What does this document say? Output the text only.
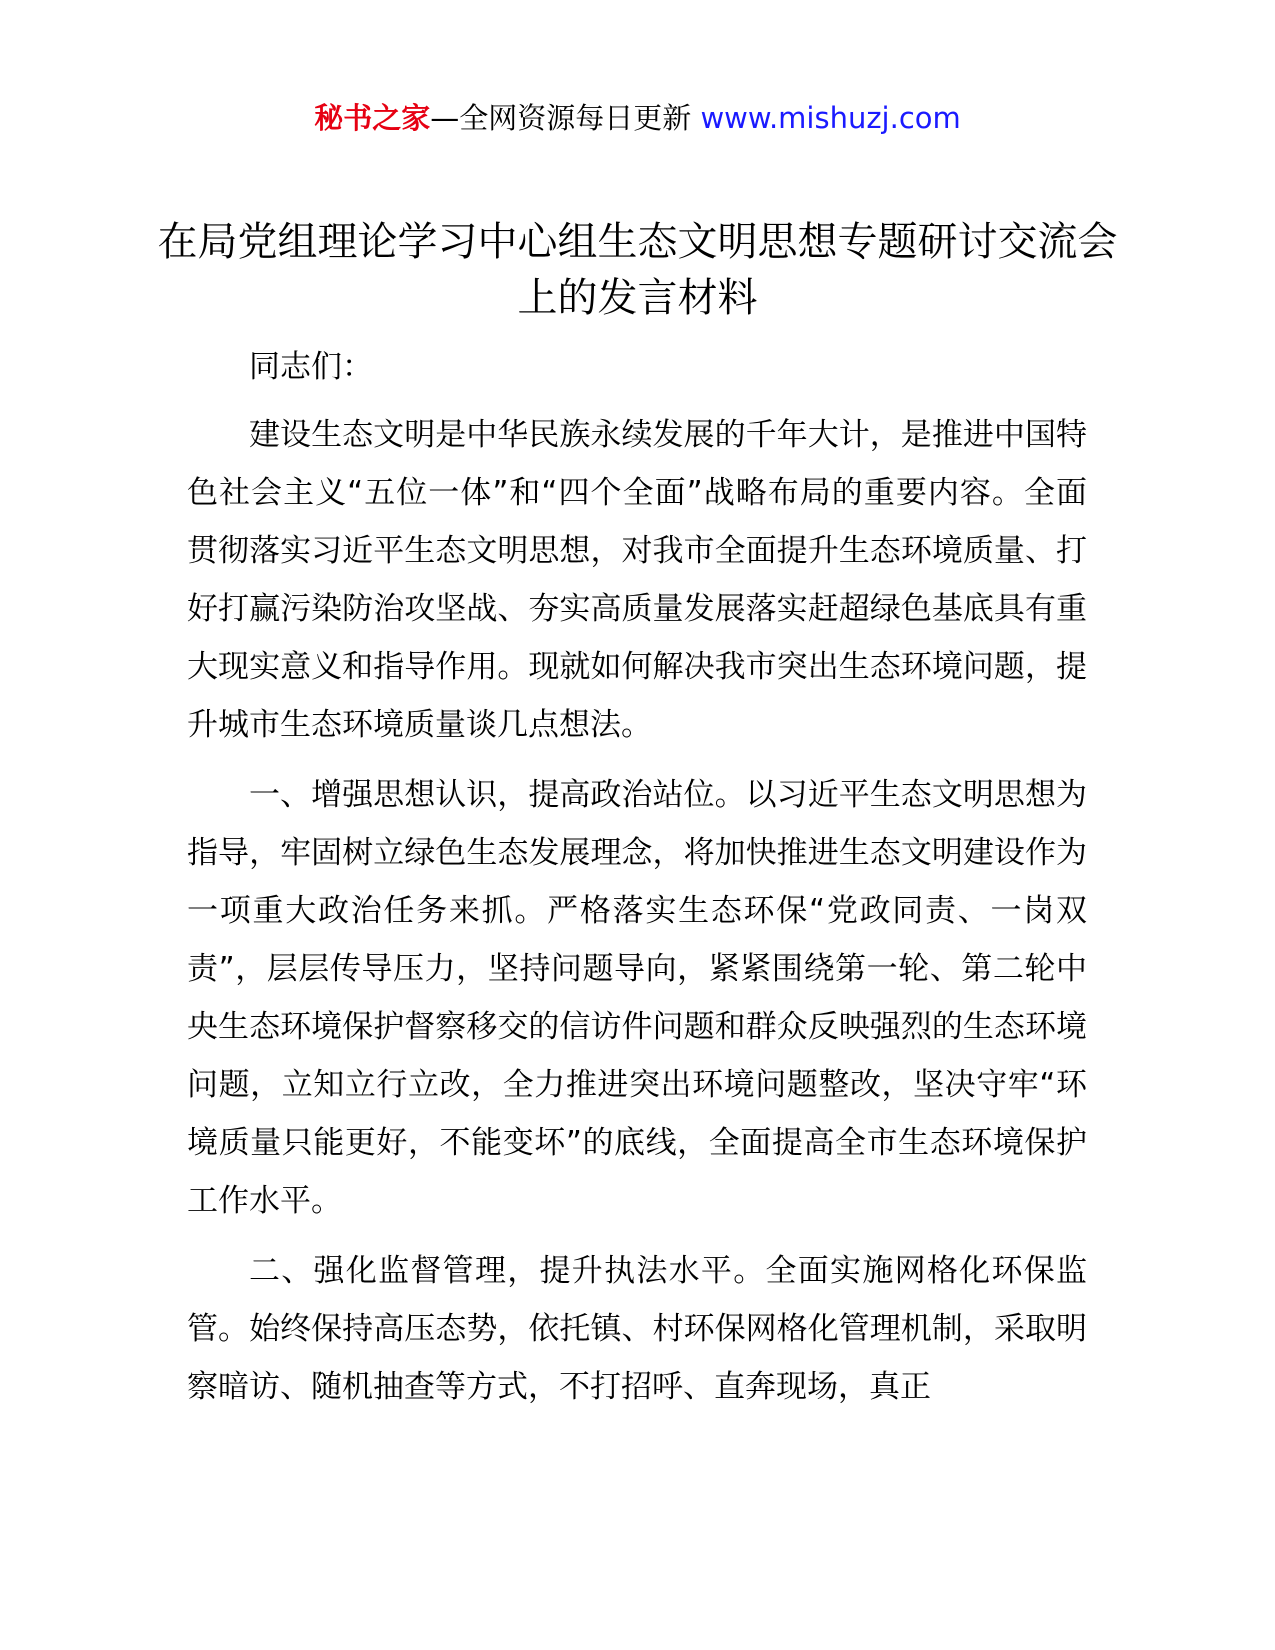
秘书之家—全网资源每日更新 www.mishuzj.com
在局党组理论学习中心组生态文明思想专题研讨交流会上的发言材料

同志们：

建设生态文明是中华民族永续发展的千年大计，是推进中国特色社会主义“五位一体”和“四个全面”战略布局的重要内容。全面贯彻落实习近平生态文明思想，对我市全面提升生态环境质量、打好打赢污染防治攻坚战、夯实高质量发展落实赶超绿色基底具有重大现实意义和指导作用。现就如何解决我市突出生态环境问题，提升城市生态环境质量谈几点想法。

一、增强思想认识，提高政治站位。以习近平生态文明思想为指导，牢固树立绿色生态发展理念，将加快推进生态文明建设作为一项重大政治任务来抓。严格落实生态环保“党政同责、一岗双责”，层层传导压力，坚持问题导向，紧紧围绕第一轮、第二轮中央生态环境保护督察移交的信访件问题和群众反映强烈的生态环境问题，立知立行立改，全力推进突出环境问题整改，坚决守牢“环境质量只能更好，不能变坏”的底线，全面提高全市生态环境保护工作水平。

二、强化监督管理，提升执法水平。全面实施网格化环保监管。始终保持高压态势，依托镇、村环保网格化管理机制，采取明察暗访、随机抽查等方式，不打招呼、直奔现场，真正
